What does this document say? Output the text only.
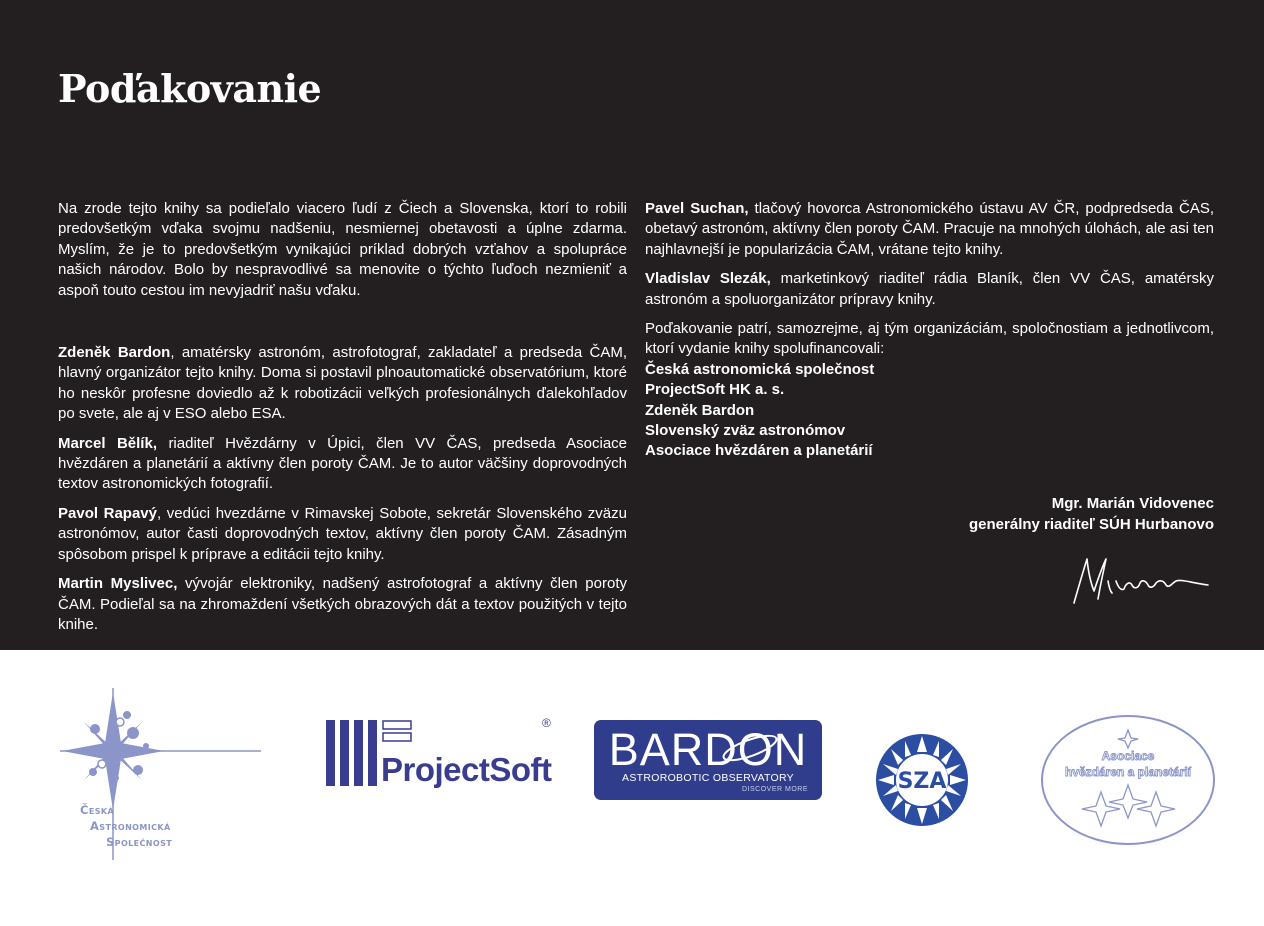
Poďakovanie

Na zrode tejto knihy sa podieľalo viacero ľudí z Čiech a Slovenska, ktorí to robili predovšetkým vďaka svojmu nadšeniu, nesmiernej obetavosti a úplne zdarma. Myslím, že je to predovšetkým vynikajúci príklad dobrých vzťahov a spolupráce našich národov. Bolo by nespravodlivé sa menovite o týchto ľuďoch nezmieniť a aspoň touto cestou im nevyjadriť našu vďaku.

Zdeněk Bardon, amatérsky astronóm, astrofotograf, zakladateľ a predseda ČAM, hlavný organizátor tejto knihy. Doma si postavil plnoautomatické observatórium, ktoré ho neskôr profesne doviedlo až k robotizácii veľkých profesionálnych ďalekohľadov po svete, ale aj v ESO alebo ESA.

Marcel Bělík, riaditeľ Hvězdárny v Úpici, člen VV ČAS, predseda Asociace hvězdáren a planetárií a aktívny člen poroty ČAM. Je to autor väčšiny doprovodných textov astronomických fotografií.

Pavol Rapavý, vedúci hvezdárne v Rimavskej Sobote, sekretár Slovenského zväzu astronómov, autor časti doprovodných textov, aktívny člen poroty ČAM. Zásadným spôsobom prispel k príprave a editácii tejto knihy.

Martin Myslivec, vývojár elektroniky, nadšený astrofotograf a aktívny člen poroty ČAM. Podieľal sa na zhromaždení všetkých obrazových dát a textov použitých v tejto knihe.

Pavel Suchan, tlačový hovorca Astronomického ústavu AV ČR, podpredseda ČAS, obetavý astronóm, aktívny člen poroty ČAM. Pracuje na mnohých úlohách, ale asi ten najhlavnejší je popularizácia ČAM, vrátane tejto knihy.

Vladislav Slezák, marketinkový riaditeľ rádia Blaník, člen VV ČAS, amatérsky astronóm a spoluorganizátor prípravy knihy.

Poďakovanie patrí, samozrejme, aj tým organizáciám, spoločnostiam a jednotlivcom, ktorí vydanie knihy spolufinancovali:
Česká astronomická společnost
ProjectSoft HK a. s.
Zdeněk Bardon
Slovenský zväz astronómov
Asociace hvězdáren a planetárií

Mgr. Marián Vidovenec
generálny riaditeľ SÚH Hurbanovo
Česká
Astronomická
Společnost
ProjectSoft
®
BARDON
ASTROROBOTIC OBSERVATORY
DISCOVER MORE	SZA
Asociace
hvězdáren a planetárií
